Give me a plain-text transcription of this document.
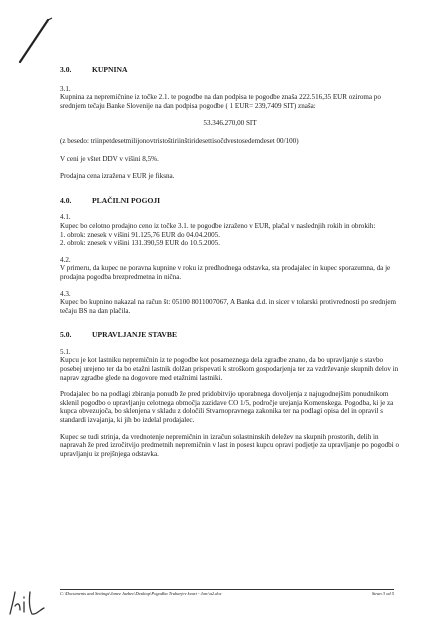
3.0.	KUPNINA

3.1.

Kupnina za nepremičnine iz točke 2.1. te pogodbe na dan podpisa te pogodbe znaša 222.516,35 EUR oziroma po srednjem tečaju Banke Slovenije na dan podpisa pogodbe ( 1 EUR= 239,7409 SIT) znaša:

53.346.270,00 SIT

(z besedo: triinpetdesetmilijonovtristoštiriinštiridesettisočdvestosedemdeset 00/100)

V ceni je vštet DDV v višini 8,5%.

Prodajna cena izražena v EUR je fiksna.

4.0.	PLAČILNI POGOJI

4.1.

Kupec bo celotno prodajno ceno iz točke 3.1. te pogodbe izraženo v EUR, plačal v naslednjih rokih in obrokih:

1. obrok: znesek v višini 91.125,76 EUR do 04.04.2005.

2. obrok: znesek v višini 131.390,59 EUR do 10.5.2005.

4.2.

V primeru, da kupec ne poravna kupnine v roku iz predhodnega odstavka, sta prodajalec in kupec sporazumna, da je prodajna pogodba brezpredmetna in nična.

4.3.

Kupec bo kupnino nakazal na račun št: 05100 8011007067, A Banka d.d. in sicer v tolarski protivrednosti po srednjem tečaju BS na dan plačila.

5.0.	UPRAVLJANJE STAVBE

5.1.

Kupcu je kot lastniku nepremičnin iz te pogodbe kot posameznega dela zgradbe znano, da bo upravljanje s stavbo posebej urejeno ter da bo etažni lastnik dolžan prispevati k stroškom gospodarjenja ter za vzdrževanje skupnih delov in naprav zgradbe glede na dogovore med etažnimi lastniki.

Prodajalec bo na podlagi zbiranja ponudb že pred pridobitvijo uporabnega dovoljenja z najugodnejšim ponudnikom sklenil pogodbo o upravljanju celotnega območja zazidave CO 1/5, področje urejanja Komenskega. Pogodba, ki je za kupca obvezujoča, bo sklenjena v skladu z določili Stvarnopravnega zakonika ter na podlagi opisa del in opravil s standardi izvajanja, ki jih bo izdelal prodajalec.

Kupec se tudi strinja, da vrednotenje nepremičnin in izračun solastninskih deležev na skupnih prostorih, delih in napravah že pred izročitvijo predmetnih nepremičnin v last in posest kupcu opravi podjetje za upravljanje po pogodbi o upravljanju iz prejšnjega odstavka.

C:\Documents and Settings\Janez Jazbec\Desktop\Pogodba Trubarjev kvart - Jarc\a2.doc	Stran 3 od 5
